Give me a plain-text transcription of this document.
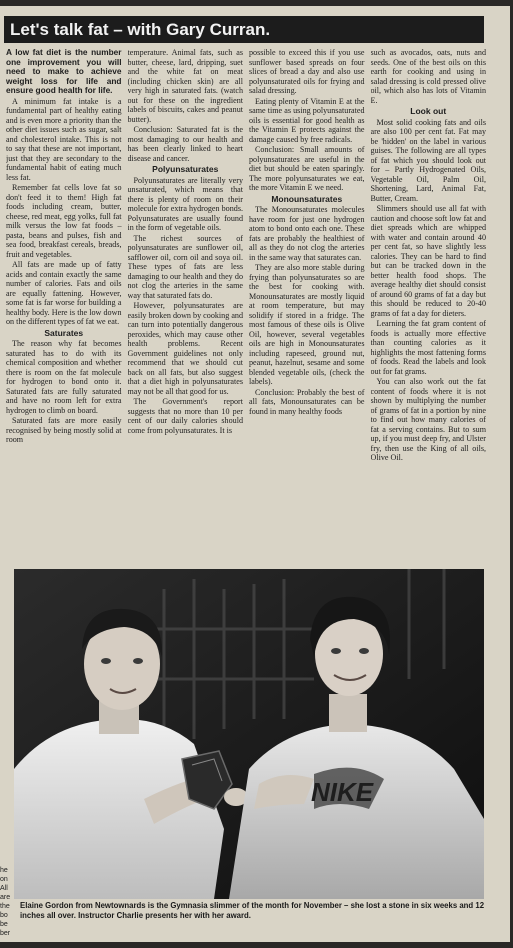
Let's talk fat – with Gary Curran.

A low fat diet is the number one improvement you will need to make to achieve weight loss for life and ensure good health for life.

A minimum fat intake is a fundamental part of healthy eating and is even more a priority than the other diet issues such as sugar, salt and cholesterol intake. This is not to say that these are not important, just that they are secondary to the fundamental habit of eating much less fat.

Remember fat cells love fat so don't feed it to them! High fat foods including cream, butter, cheese, red meat, egg yolks, full fat milk versus the low fat foods – pasta, beans and pulses, fish and sea food, breakfast cereals, breads, fruit and vegetables.

All fats are made up of fatty acids and contain exactly the same number of calories. Fats and oils are equally fattening. However, some fat is far worse for building a healthy body. Here is the low down on the different types of fat we eat.

Saturates

The reason why fat becomes saturated has to do with its chemical composition and whether there is room on the fat molecule for hydrogen to bond onto it. Saturated fats are fully saturated and have no room left for extra hydrogen to climb on board.

Saturated fats are more easily recognised by being mostly solid at room

temperature. Animal fats, such as butter, cheese, lard, dripping, suet and the white fat on meat (including chicken skin) are all very high in saturated fats. (watch out for these on the ingredient labels of biscuits, cakes and peanut butter).

Conclusion: Saturated fat is the most damaging to our health and has been clearly linked to heart disease and cancer.

Polyunsaturates

Polyunsaturates are literally very unsaturated, which means that there is plenty of room on their molecule for extra hydrogen bonds. Polyunsaturates are usually found in the form of vegetable oils.

The richest sources of polyunsaturates are sunflower oil, safflower oil, corn oil and soya oil. These types of fats are less damaging to our health and they do not clog the arteries in the same way that saturated fats do.

However, polyunsaturates are easily broken down by cooking and can turn into potentially dangerous peroxides, which may cause other health problems. Recent Government guidelines not only recommend that we should cut back on all fats, but also suggest that a diet high in polyunsaturates may not be all that good for us.

The Government's report suggests that no more than 10 per cent of our daily calories should come from polyunsaturates. It is

possible to exceed this if you use sunflower based spreads on four slices of bread a day and also use polyunsaturated oils for frying and salad dressing.

Eating plenty of Vitamin E at the same time as using polyunsaturated oils is essential for good health as the Vitamin E protects against the damage caused by free radicals.

Conclusion: Small amounts of polyunsaturates are useful in the diet but should be eaten sparingly. The more polyunsaturates we eat, the more Vitamin E we need.

Monounsaturates

The Monounsaturates molecules have room for just one hydrogen atom to bond onto each one. These fats are probably the healthiest of all as they do not clog the arteries in the same way that saturates can.

They are also more stable during frying than polyunsaturates so are the best for cooking with. Monounsaturates are mostly liquid at room temperature, but may solidify if stored in a fridge. The most famous of these oils is Olive Oil, however, several vegetables oils are high in Monounsaturates including rapeseed, ground nut, peanut, hazelnut, sesame and some blended vegetable oils, (check the labels).

Conclusion: Probably the best of all fats, Monounsaturates can be found in many healthy foods

such as avocados, oats, nuts and seeds. One of the best oils on this earth for cooking and using in salad dressing is cold pressed olive oil, which also has lots of Vitamin E.

Look out

Most solid cooking fats and oils are also 100 per cent fat. Fat may be 'hidden' on the label in various guises. The following are all types of fat which you should look out for – Partly Hydrogenated Oils, Vegetable Oil, Palm Oil, Shortening, Lard, Animal Fat, Butter, Cream.

Slimmers should use all fat with caution and choose soft low fat and diet spreads which are whipped with water and contain around 40 per cent fat, so have slightly less calories. They can be hard to find but can be tracked down in the better health food shops. The average healthy diet should consist of around 60 grams of fat a day but this should be reduced to 20-40 grams of fat a day for dieters.

Learning the fat gram content of foods is actually more effective than counting calories as it highlights the most fattening forms of foods. Read the labels and look out for fat grams.

You can also work out the fat content of foods where it is not shown by multiplying the number of grams of fat in a portion by nine to find out how many calories of fat a serving contains. But to sum up, if you must deep fry, and Ulster fry, then use the King of all oils, Olive Oil.

NIKE
he
on
All
are
the
bo
be
ber
Elaine Gordon from Newtownards is the Gymnasia slimmer of the month for November – she lost a stone in six weeks and 12 inches all over. Instructor Charlie presents her with her award.
